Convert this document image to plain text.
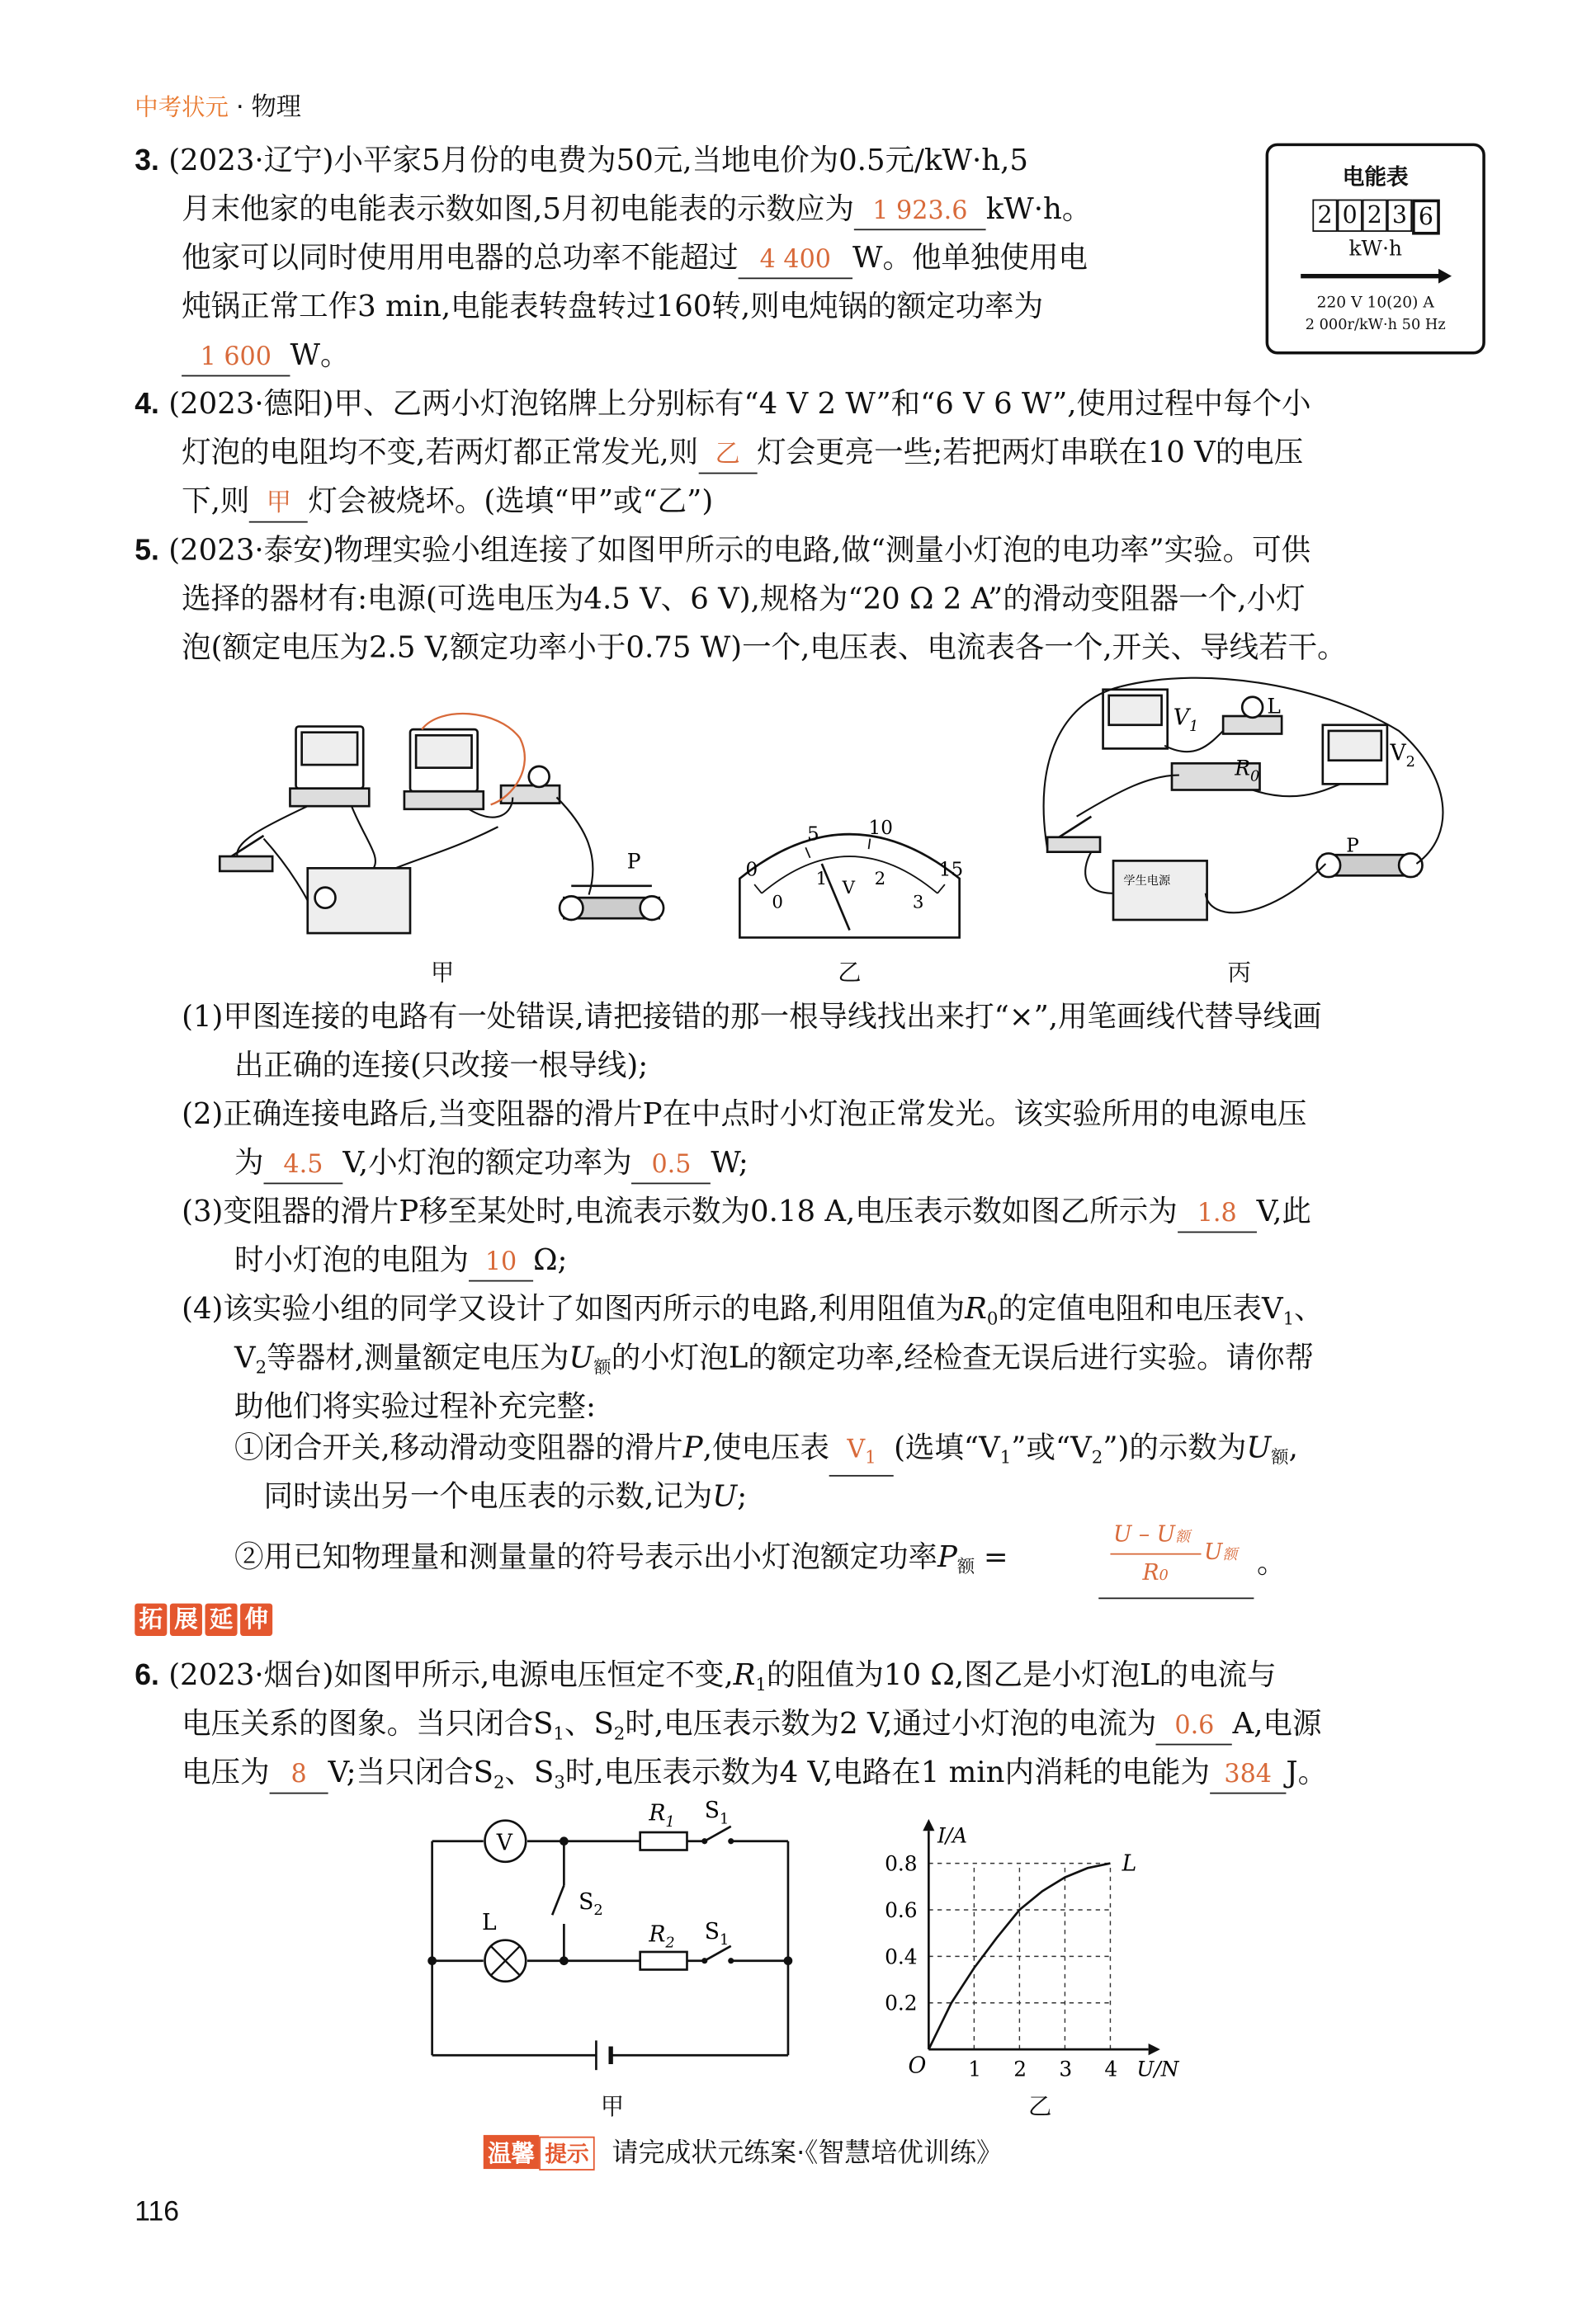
中考状元 · 物理
3. (2023·辽宁)小平家5月份的电费为50元,当地电价为0.5元/kW·h,5
月末他家的电能表示数如图,5月初电能表的示数应为 1 923.6 kW·h。
他家可以同时使用用电器的总功率不能超过 4 400 W。他单独使用电
炖锅正常工作3 min,电能表转盘转过160转,则电炖锅的额定功率为
1 600 W。
电能表
2 0 2 3 6
kW·h
220 V 10(20) A
2 000r/kW·h 50 Hz
4. (2023·德阳)甲、乙两小灯泡铭牌上分别标有“4 V 2 W”和“6 V 6 W”,使用过程中每个小
灯泡的电阻均不变,若两灯都正常发光,则 乙 灯会更亮一些;若把两灯串联在10 V的电压
下,则 甲 灯会被烧坏。(选填“甲”或“乙”)
5. (2023·泰安)物理实验小组连接了如图甲所示的电路,做“测量小灯泡的电功率”实验。可供
选择的器材有:电源(可选电压为4.5 V、6 V),规格为“20 Ω 2 A”的滑动变阻器一个,小灯
泡(额定电压为2.5 V,额定功率小于0.75 W)一个,电压表、电流表各一个,开关、导线若干。
P
甲
0
5	10
15
0
1	2
3
V
乙
$V_1$
L
$R_0$
$V_2$
P
学生电源
丙
(1)甲图连接的电路有一处错误,请把接错的那一根导线找出来打“×”,用笔画线代替导线画
出正确的连接(只改接一根导线);
(2)正确连接电路后,当变阻器的滑片P在中点时小灯泡正常发光。该实验所用的电源电压
为 4.5 V,小灯泡的额定功率为 0.5 W;
(3)变阻器的滑片P移至某处时,电流表示数为0.18 A,电压表示数如图乙所示为 1.8 V,此
时小灯泡的电阻为 10 Ω;
(4)该实验小组的同学又设计了如图丙所示的电路,利用阻值为$R_0$的定值电阻和电压表$V_1$、
$V_2$等器材,测量额定电压为$U_额$的小灯泡L的额定功率,经检查无误后进行实验。请你帮
助他们将实验过程补充完整:
①闭合开关,移动滑动变阻器的滑片P,使电压表 $V_1$ (选填“$V_1$”或“$V_2$”)的示数为$U_额$,
同时读出另一个电压表的示数,记为U;
②用已知物理量和测量量的符号表示出小灯泡额定功率$P_额$ =
U – U额
R0
U额 。
拓 展 延 伸
6. (2023·烟台)如图甲所示,电源电压恒定不变$,R_1$的阻值为10 Ω,图乙是小灯泡L的电流与
电压关系的图象。当只闭合$S_1$、$S_2$时,电压表示数为2 V,通过小灯泡的电流为 0.6 A,电源
电压为 8 V;当只闭合$S_2$、$S_3$时,电压表示数为4 V,电路在1 min内消耗的电能为 384 J。
V
L
$R_1$ $S_1$
$S_2$
$R_2$ $S_1$
甲
1	2	3	4
0.2
0.4
0.6
0.8	L
I/A
U/N
O
乙
温馨 提示 请完成状元练案·《智慧培优训练》
116
